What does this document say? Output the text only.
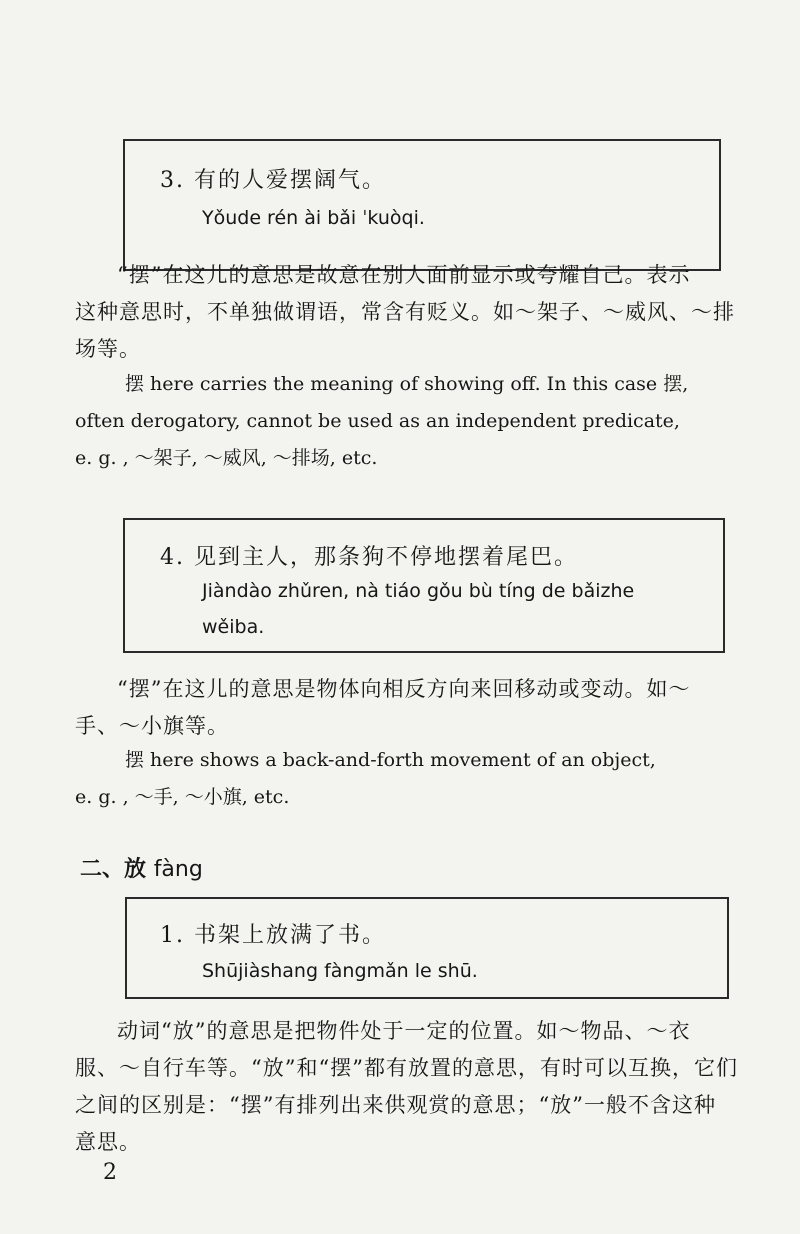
3. 有的人爱摆阔气。
Yǒude rén ài bǎi ˈkuòqi.

“摆”在这儿的意思是故意在别人面前显示或夸耀自己。表示
这种意思时，不单独做谓语，常含有贬义。如～架子、～威风、～排
场等。

摆 here carries the meaning of showing off. In this case 摆,
often derogatory, cannot be used as an independent predicate,
e. g. , ～架子, ～威风, ～排场, etc.

4. 见到主人，那条狗不停地摆着尾巴。
Jiàndào zhǔren, nà tiáo gǒu bù tíng de bǎizhe
wěiba.

“摆”在这儿的意思是物体向相反方向来回移动或变动。如～
手、～小旗等。

摆 here shows a back-and-forth movement of an object,
e. g. , ～手, ～小旗, etc.

二、放 fàng
1. 书架上放满了书。
Shūjiàshang fàngmǎn le shū.

动词“放”的意思是把物件处于一定的位置。如～物品、～衣
服、～自行车等。“放”和“摆”都有放置的意思，有时可以互换，它们
之间的区别是：“摆”有排列出来供观赏的意思；“放”一般不含这种
意思。

2
